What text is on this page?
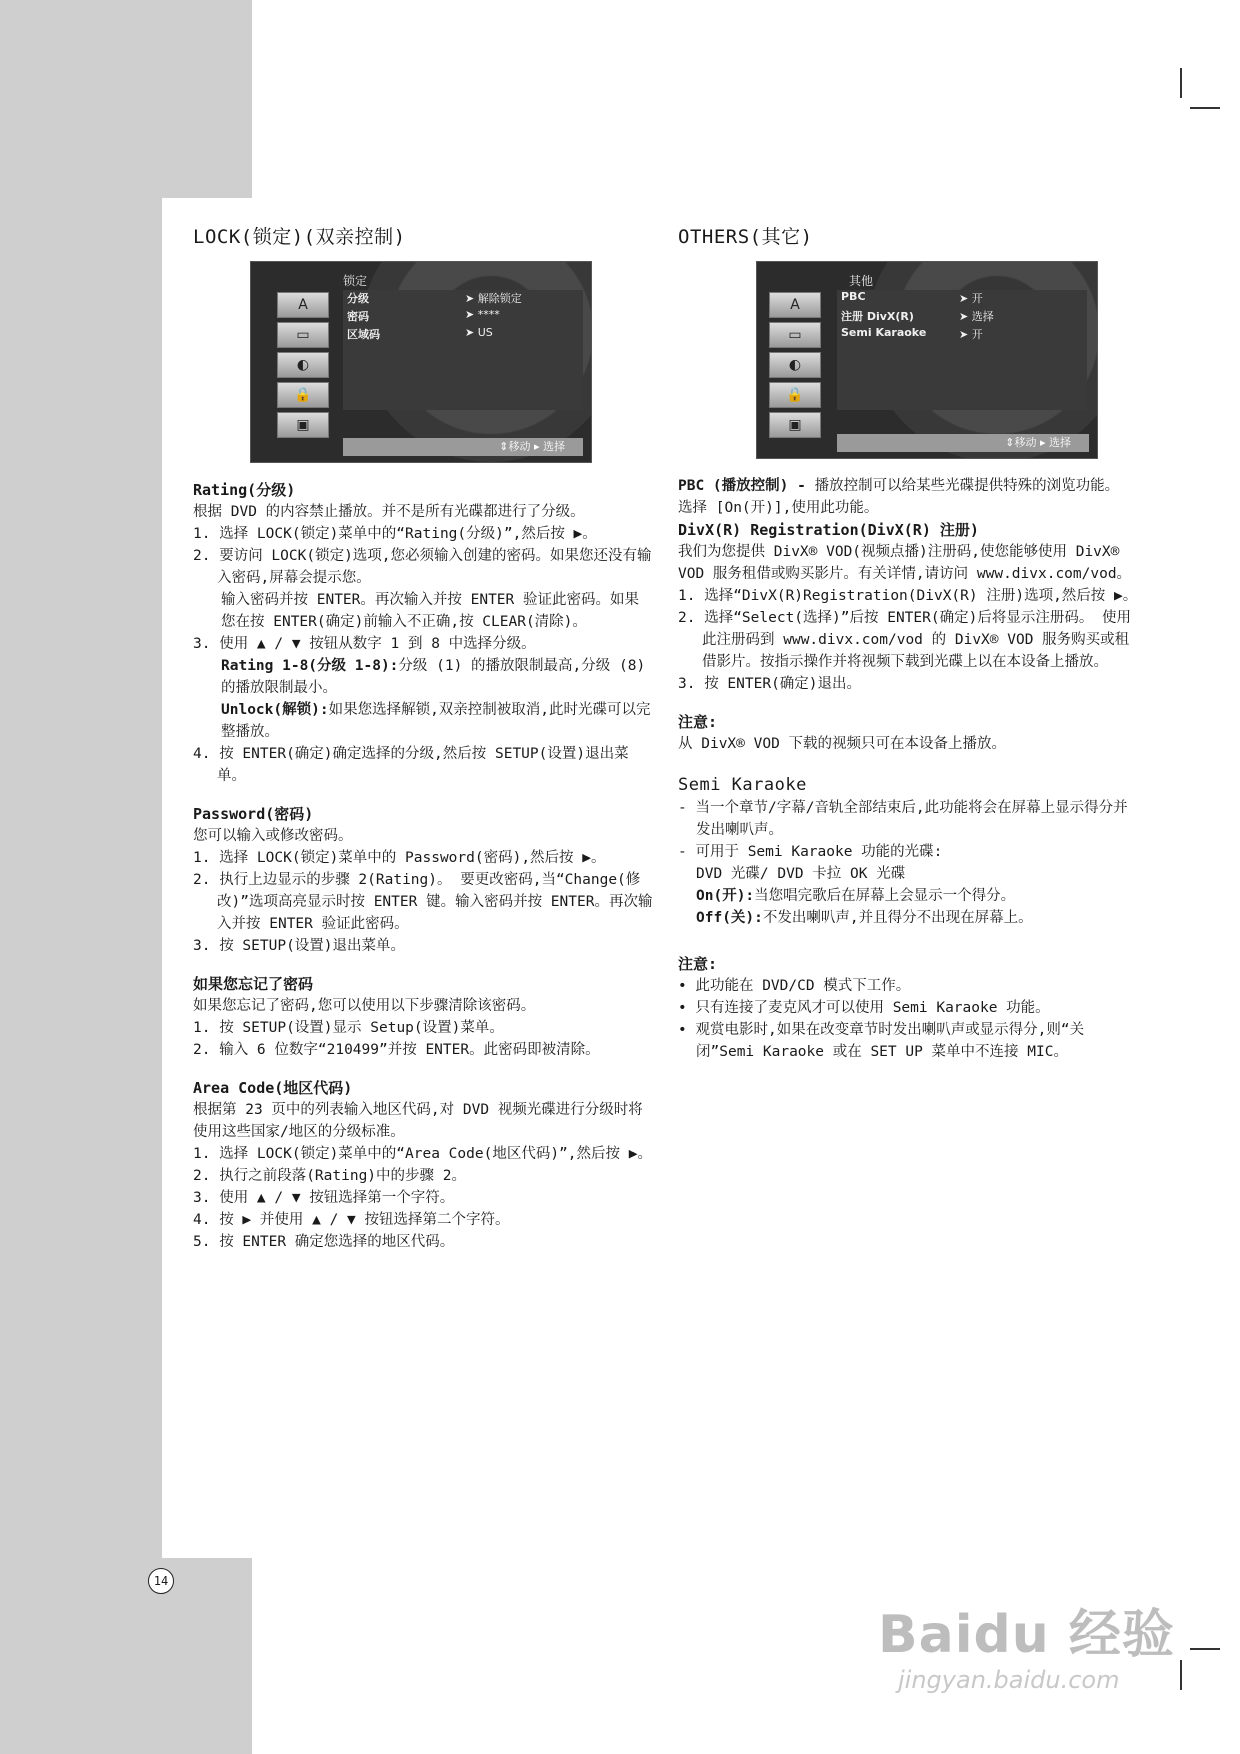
LOCK(锁定)(双亲控制)
锁定
A
▭
◐
🔒
▣
分级	➤ 解除锁定
密码	➤ ****
区域码	➤ US
⇕移动 ▸ 选择
Rating(分级)

根据 DVD 的内容禁止播放。并不是所有光碟都进行了分级。

1. 选择 LOCK(锁定)菜单中的“Rating(分级)”,然后按 ▶。
2. 要访问 LOCK(锁定)选项,您必须输入创建的密码。如果您还没有输入密码,屏幕会提示您。

输入密码并按 ENTER。再次输入并按 ENTER 验证此密码。如果您在按 ENTER(确定)前输入不正确,按 CLEAR(清除)。

3. 使用 ▲ / ▼ 按钮从数字 1 到 8 中选择分级。

Rating 1-8(分级 1-8):分级 (1) 的播放限制最高,分级 (8) 的播放限制最小。

Unlock(解锁):如果您选择解锁,双亲控制被取消,此时光碟可以完整播放。

4. 按 ENTER(确定)确定选择的分级,然后按 SETUP(设置)退出菜单。
Password(密码)

您可以输入或修改密码。

1. 选择 LOCK(锁定)菜单中的 Password(密码),然后按 ▶。
2. 执行上边显示的步骤 2(Rating)。 要更改密码,当“Change(修改)”选项高亮显示时按 ENTER 键。输入密码并按 ENTER。再次输入并按 ENTER 验证此密码。
3. 按 SETUP(设置)退出菜单。
如果您忘记了密码

如果您忘记了密码,您可以使用以下步骤清除该密码。

1. 按 SETUP(设置)显示 Setup(设置)菜单。
2. 输入 6 位数字“210499”并按 ENTER。此密码即被清除。
Area Code(地区代码)

根据第 23 页中的列表输入地区代码,对 DVD 视频光碟进行分级时将使用这些国家/地区的分级标准。

1. 选择 LOCK(锁定)菜单中的“Area Code(地区代码)”,然后按 ▶。
2. 执行之前段落(Rating)中的步骤 2。
3. 使用 ▲ / ▼ 按钮选择第一个字符。
4. 按 ▶ 并使用 ▲ / ▼ 按钮选择第二个字符。
5. 按 ENTER 确定您选择的地区代码。
OTHERS(其它)
其他
A
▭
◐
🔒
▣
PBC	➤ 开
注册 DivX(R)	➤ 选择
Semi Karaoke	➤ 开
⇕移动 ▸ 选择

PBC (播放控制) - 播放控制可以给某些光碟提供特殊的浏览功能。 选择 [On(开)],使用此功能。

DivX(R) Registration(DivX(R) 注册)

我们为您提供 DivX® VOD(视频点播)注册码,使您能够使用 DivX® VOD 服务租借或购买影片。有关详情,请访问 www.divx.com/vod。

1. 选择“DivX(R)Registration(DivX(R) 注册)选项,然后按 ▶。
2. 选择“Select(选择)”后按 ENTER(确定)后将显示注册码。 使用此注册码到 www.divx.com/vod 的 DivX® VOD 服务购买或租借影片。按指示操作并将视频下载到光碟上以在本设备上播放。
3. 按 ENTER(确定)退出。
注意:

从 DivX® VOD 下载的视频只可在本设备上播放。

Semi Karaoke
- 当一个章节/字幕/音轨全部结束后,此功能将会在屏幕上显示得分并发出喇叭声。
- 可用于 Semi Karaoke 功能的光碟:

DVD 光碟/ DVD 卡拉 OK 光碟

On(开):当您唱完歌后在屏幕上会显示一个得分。

Off(关):不发出喇叭声,并且得分不出现在屏幕上。

注意:
• 此功能在 DVD/CD 模式下工作。
• 只有连接了麦克风才可以使用 Semi Karaoke 功能。
• 观赏电影时,如果在改变章节时发出喇叭声或显示得分,则“关闭”Semi Karaoke 或在 SET UP 菜单中不连接 MIC。
14
Baidu 经验
jingyan.baidu.com
